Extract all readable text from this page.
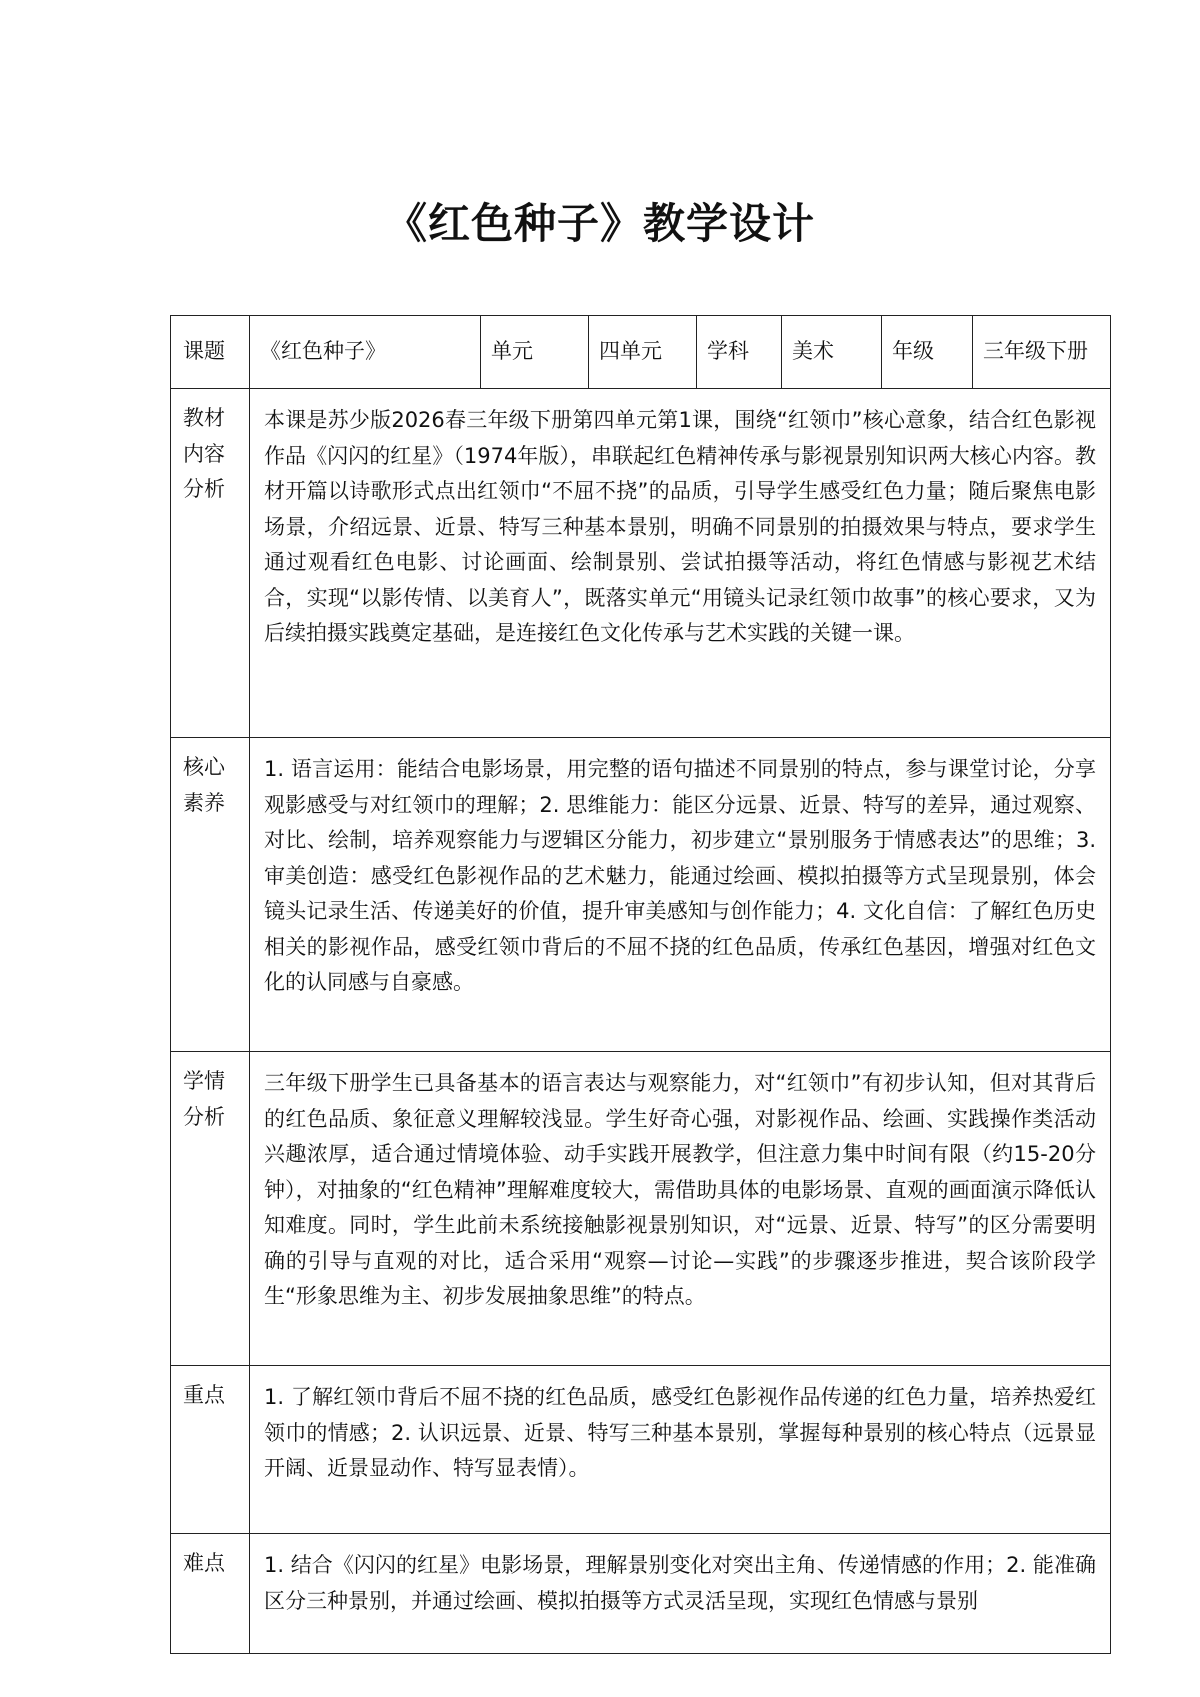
《红色种子》教学设计
课题	《红色种子》	单元	四单元	学科	美术	年级	三年级下册
教材内容分析	本课是苏少版2026春三年级下册第四单元第1课，围绕“红领巾”核心意象，结合红色影视作品《闪闪的红星》（1974年版），串联起红色精神传承与影视景别知识两大核心内容。教材开篇以诗歌形式点出红领巾“不屈不挠”的品质，引导学生感受红色力量；随后聚焦电影场景，介绍远景、近景、特写三种基本景别，明确不同景别的拍摄效果与特点，要求学生通过观看红色电影、讨论画面、绘制景别、尝试拍摄等活动，将红色情感与影视艺术结合，实现“以影传情、以美育人”，既落实单元“用镜头记录红领巾故事”的核心要求，又为后续拍摄实践奠定基础，是连接红色文化传承与艺术实践的关键一课。						
核心素养	1. 语言运用：能结合电影场景，用完整的语句描述不同景别的特点，参与课堂讨论，分享观影感受与对红领巾的理解；2. 思维能力：能区分远景、近景、特写的差异，通过观察、对比、绘制，培养观察能力与逻辑区分能力，初步建立“景别服务于情感表达”的思维；3. 审美创造：感受红色影视作品的艺术魅力，能通过绘画、模拟拍摄等方式呈现景别，体会镜头记录生活、传递美好的价值，提升审美感知与创作能力；4. 文化自信：了解红色历史相关的影视作品，感受红领巾背后的不屈不挠的红色品质，传承红色基因，增强对红色文化的认同感与自豪感。						
学情分析	三年级下册学生已具备基本的语言表达与观察能力，对“红领巾”有初步认知，但对其背后的红色品质、象征意义理解较浅显。学生好奇心强，对影视作品、绘画、实践操作类活动兴趣浓厚，适合通过情境体验、动手实践开展教学，但注意力集中时间有限（约15-20分钟），对抽象的“红色精神”理解难度较大，需借助具体的电影场景、直观的画面演示降低认知难度。同时，学生此前未系统接触影视景别知识，对“远景、近景、特写”的区分需要明确的引导与直观的对比，适合采用“观察—讨论—实践”的步骤逐步推进，契合该阶段学生“形象思维为主、初步发展抽象思维”的特点。						
重点	1. 了解红领巾背后不屈不挠的红色品质，感受红色影视作品传递的红色力量，培养热爱红领巾的情感；2. 认识远景、近景、特写三种基本景别，掌握每种景别的核心特点（远景显开阔、近景显动作、特写显表情）。						
难点	1. 结合《闪闪的红星》电影场景，理解景别变化对突出主角、传递情感的作用；2. 能准确区分三种景别，并通过绘画、模拟拍摄等方式灵活呈现，实现红色情感与景别						
